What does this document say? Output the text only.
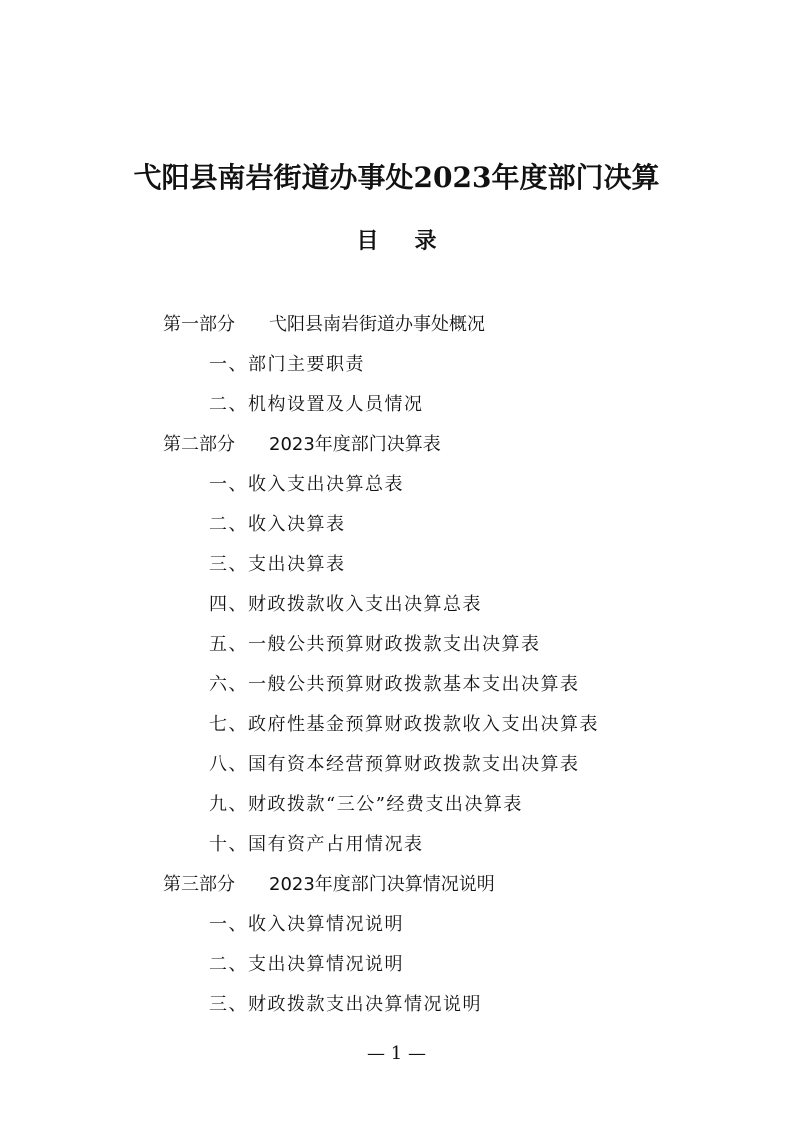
弋阳县南岩街道办事处2023年度部门决算
目录
第一部分 弋阳县南岩街道办事处概况
一、部门主要职责
二、机构设置及人员情况
第二部分 2023年度部门决算表
一、收入支出决算总表
二、收入决算表
三、支出决算表
四、财政拨款收入支出决算总表
五、一般公共预算财政拨款支出决算表
六、一般公共预算财政拨款基本支出决算表
七、政府性基金预算财政拨款收入支出决算表
八、国有资本经营预算财政拨款支出决算表
九、财政拨款“三公”经费支出决算表
十、国有资产占用情况表
第三部分 2023年度部门决算情况说明
一、收入决算情况说明
二、支出决算情况说明
三、财政拨款支出决算情况说明
— 1 —
